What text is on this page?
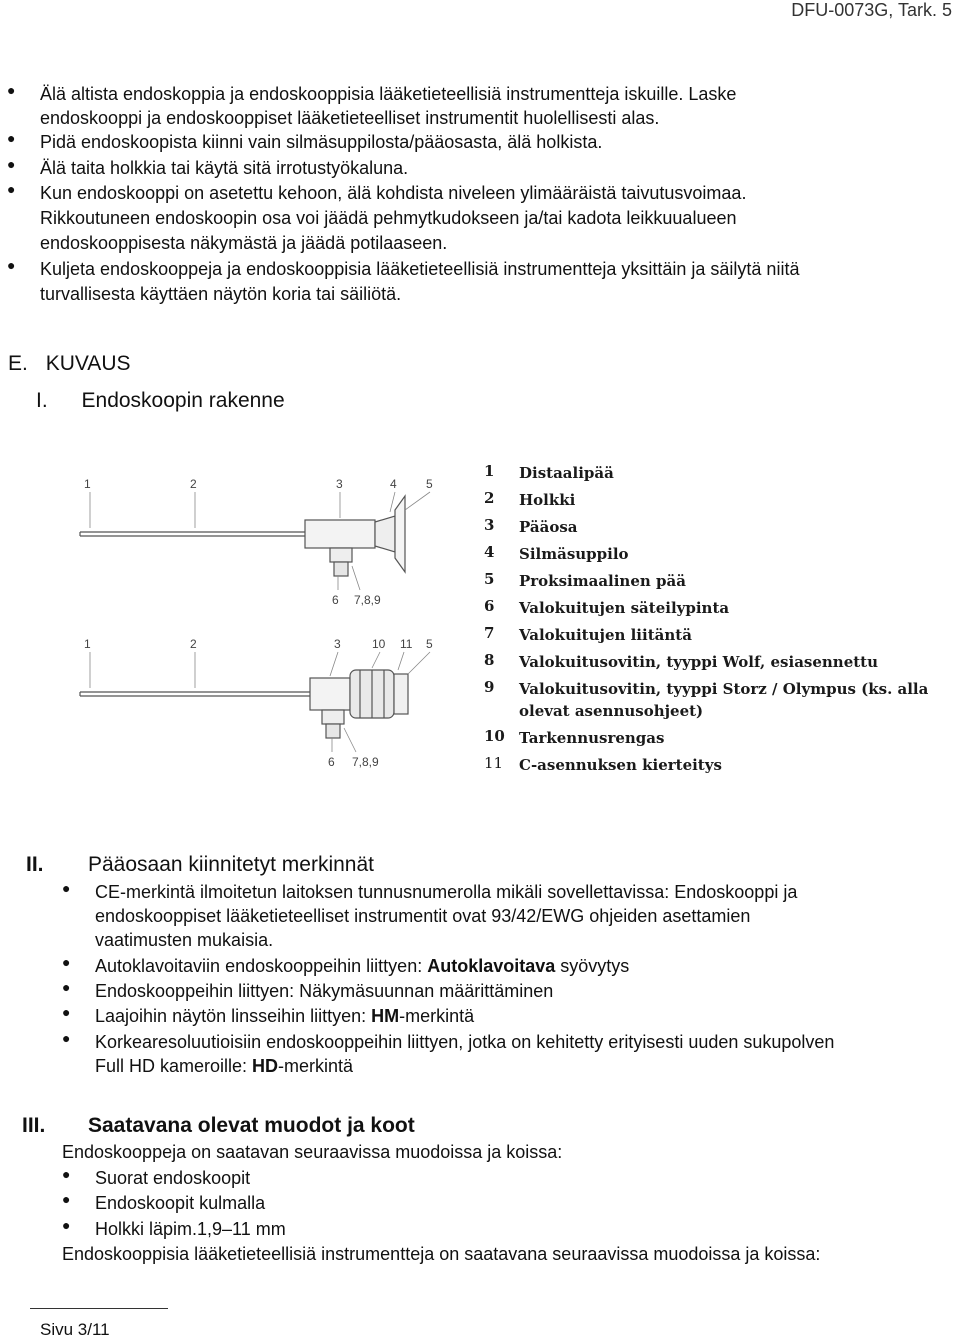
DFU-0073G, Tark. 5
● Älä altista endoskoppia ja endoskooppisia lääketieteellisiä instrumentteja iskuille. Laske
endoskooppi ja endoskooppiset lääketieteelliset instrumentit huolellisesti alas.
● Pidä endoskoopista kiinni vain silmäsuppilosta/pääosasta, älä holkista.
● Älä taita holkkia tai käytä sitä irrotustyökaluna.
● Kun endoskooppi on asetettu kehoon, älä kohdista niveleen ylimääräistä taivutusvoimaa.
Rikkoutuneen endoskoopin osa voi jäädä pehmytkudokseen ja/tai kadota leikkuualueen
endoskooppisesta näkymästä ja jäädä potilaaseen.
● Kuljeta endoskooppeja ja endoskooppisia lääketieteellisiä instrumentteja yksittäin ja säilytä niitä
turvallisesta käyttäen näytön koria tai säiliötä.
E. KUVAUS
I. Endoskoopin rakenne
1	2	3	4 5
6 7,8,9
1	2	3	10 11 5
6 7,8,9
1 Distaalipää
2 Holkki
3 Pääosa
4 Silmäsuppilo
5 Proksimaalinen pää
6 Valokuitujen säteilypinta
7 Valokuitujen liitäntä
8 Valokuitusovitin, tyyppi Wolf, esiasennettu
9 Valokuitusovitin, tyyppi Storz / Olympus (ks. alla olevat asennusohjeet)
10 Tarkennusrengas
11 C-asennuksen kierteitys
II. Pääosaan kiinnitetyt merkinnät
● CE-merkintä ilmoitetun laitoksen tunnusnumerolla mikäli sovellettavissa: Endoskooppi ja
endoskooppiset lääketieteelliset instrumentit ovat 93/42/EWG ohjeiden asettamien
vaatimusten mukaisia.
● Autoklavoitaviin endoskooppeihin liittyen: Autoklavoitava syövytys
● Endoskooppeihin liittyen: Näkymäsuunnan määrittäminen
● Laajoihin näytön linsseihin liittyen: HM-merkintä
● Korkearesoluutioisiin endoskooppeihin liittyen, jotka on kehitetty erityisesti uuden sukupolven
Full HD kameroille: HD-merkintä
III. Saatavana olevat muodot ja koot
Endoskooppeja on saatavan seuraavissa muodoissa ja koissa:
● Suorat endoskoopit
● Endoskoopit kulmalla
● Holkki läpim.1,9–11 mm
Endoskooppisia lääketieteellisiä instrumentteja on saatavana seuraavissa muodoissa ja koissa:
Sivu 3/11
